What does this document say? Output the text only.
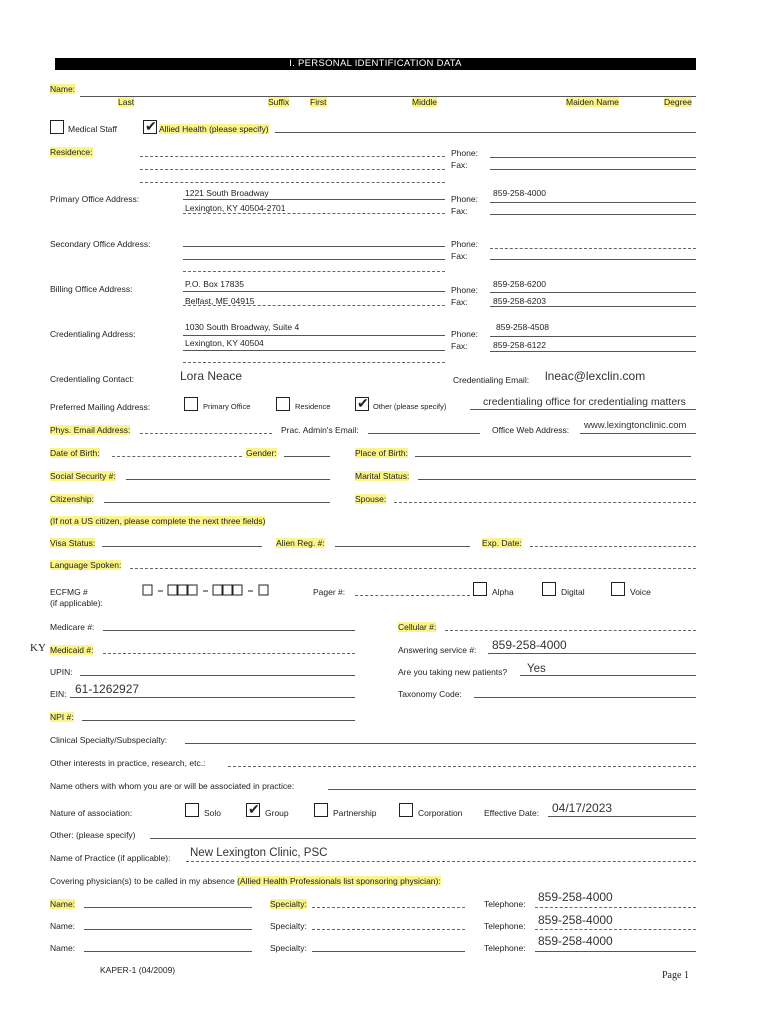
I. PERSONAL IDENTIFICATION DATA
Name:
Last	Suffix First	Middle	Maiden Name	Degree
Medical Staff ✔ Allied Health (please specify)
Residence:	Phone:
Fax:
Primary Office Address:
1221 South Broadway
Lexington, KY 40504-2701
Phone:
859-258-4000
Fax:
Secondary Office Address:	Phone:
Fax:
Billing Office Address:	P.O. Box 17835
Belfast, ME 04915
Phone:
859-258-6200
Fax:	859-258-6203
Credentialing Address:
1030 South Broadway, Suite 4
Lexington, KY 40504
Phone:
859-258-4508
Fax:	859-258-6122
Credentialing Contact:	Lora Neace	Credentialing Email: lneac@lexclin.com
Preferred Mailing Address:	Primary Office	Residence ✔ Other (please specify)	credentialing office for credentialing matters
Phys. Email Address:	Prac. Admin's Email:	Office Web Address: www.lexingtonclinic.com
Date of Birth:	Gender:	Place of Birth:
Social Security #:	Marital Status:
Citizenship:	Spouse:
(If not a US citizen, please complete the next three fields)
Visa Status:	Alien Reg. #:	Exp. Date:
Language Spoken:
ECFMG #
(if applicable):
Pager #:	Alpha	Digital	Voice
Medicare #:	Cellular #:
KY Medicaid #:	Answering service #: 859-258-4000
UPIN:	Are you taking new patients? Yes
EIN: 61-1262927	Taxonomy Code:
NPI #:
Clinical Specialty/Subspecialty:
Other interests in practice, research, etc.:
Name others with whom you are or will be associated in practice:
Nature of association:	Solo ✔ Group	Partnership	Corporation	Effective Date: 04/17/2023
Other: (please specify)
Name of Practice (if applicable): New Lexington Clinic, PSC
Covering physician(s) to be called in my absence (Allied Health Professionals list sponsoring physician):
Name:	Specialty:	Telephone: 859-258-4000
Name:	Specialty:	Telephone: 859-258-4000
Name:	Specialty:	Telephone: 859-258-4000
KAPER-1 (04/2009)	Page 1
